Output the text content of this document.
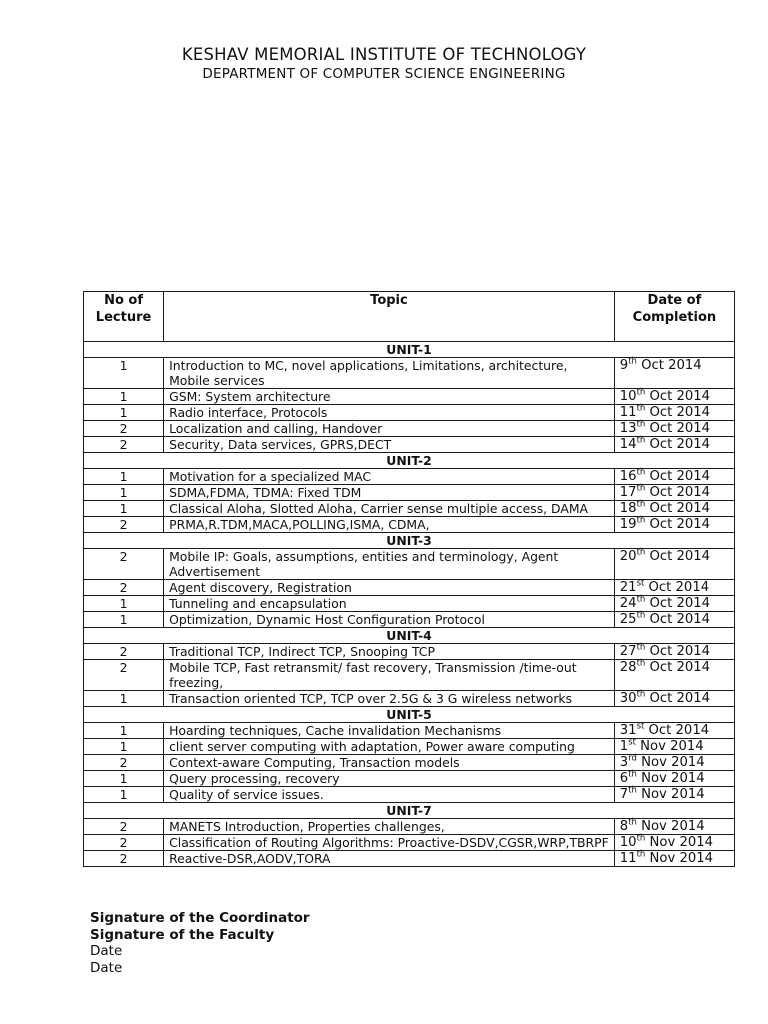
KESHAV MEMORIAL INSTITUTE OF TECHNOLOGY
DEPARTMENT OF COMPUTER SCIENCE ENGINEERING
No of Lecture	Topic	Date of Completion
UNIT-1		
1	Introduction to MC, novel applications, Limitations, architecture, Mobile services	9th Oct 2014
1	GSM: System architecture	10th Oct 2014
1	Radio interface, Protocols	11th Oct 2014
2	Localization and calling, Handover	13th Oct 2014
2	Security, Data services, GPRS,DECT	14th Oct 2014
UNIT-2		
1	Motivation for a specialized MAC	16th Oct 2014
1	SDMA,FDMA, TDMA: Fixed TDM	17th Oct 2014
1	Classical Aloha, Slotted Aloha, Carrier sense multiple access, DAMA	18th Oct 2014
2	PRMA,R.TDM,MACA,POLLING,ISMA, CDMA,	19th Oct 2014
UNIT-3		
2	Mobile IP: Goals, assumptions, entities and terminology, Agent Advertisement	20th Oct 2014
2	Agent discovery, Registration	21st Oct 2014
1	Tunneling and encapsulation	24th Oct 2014
1	Optimization, Dynamic Host Configuration Protocol	25th Oct 2014
UNIT-4		
2	Traditional TCP, Indirect TCP, Snooping TCP	27th Oct 2014
2	Mobile TCP, Fast retransmit/ fast recovery, Transmission /time-out freezing,	28th Oct 2014
1	Transaction oriented TCP, TCP over 2.5G & 3 G wireless networks	30th Oct 2014
UNIT-5		
1	Hoarding techniques, Cache invalidation Mechanisms	31st Oct 2014
1	client server computing with adaptation, Power aware computing	1st Nov 2014
2	Context-aware Computing, Transaction models	3rd Nov 2014
1	Query processing, recovery	6th Nov 2014
1	Quality of service issues.	7th Nov 2014
UNIT-7		
2	MANETS Introduction, Properties challenges,	8th Nov 2014
2	Classification of Routing Algorithms: Proactive-DSDV,CGSR,WRP,TBRPF	10th Nov 2014
2	Reactive-DSR,AODV,TORA	11th Nov 2014
Signature of the Coordinator
Signature of the Faculty
Date
Date
